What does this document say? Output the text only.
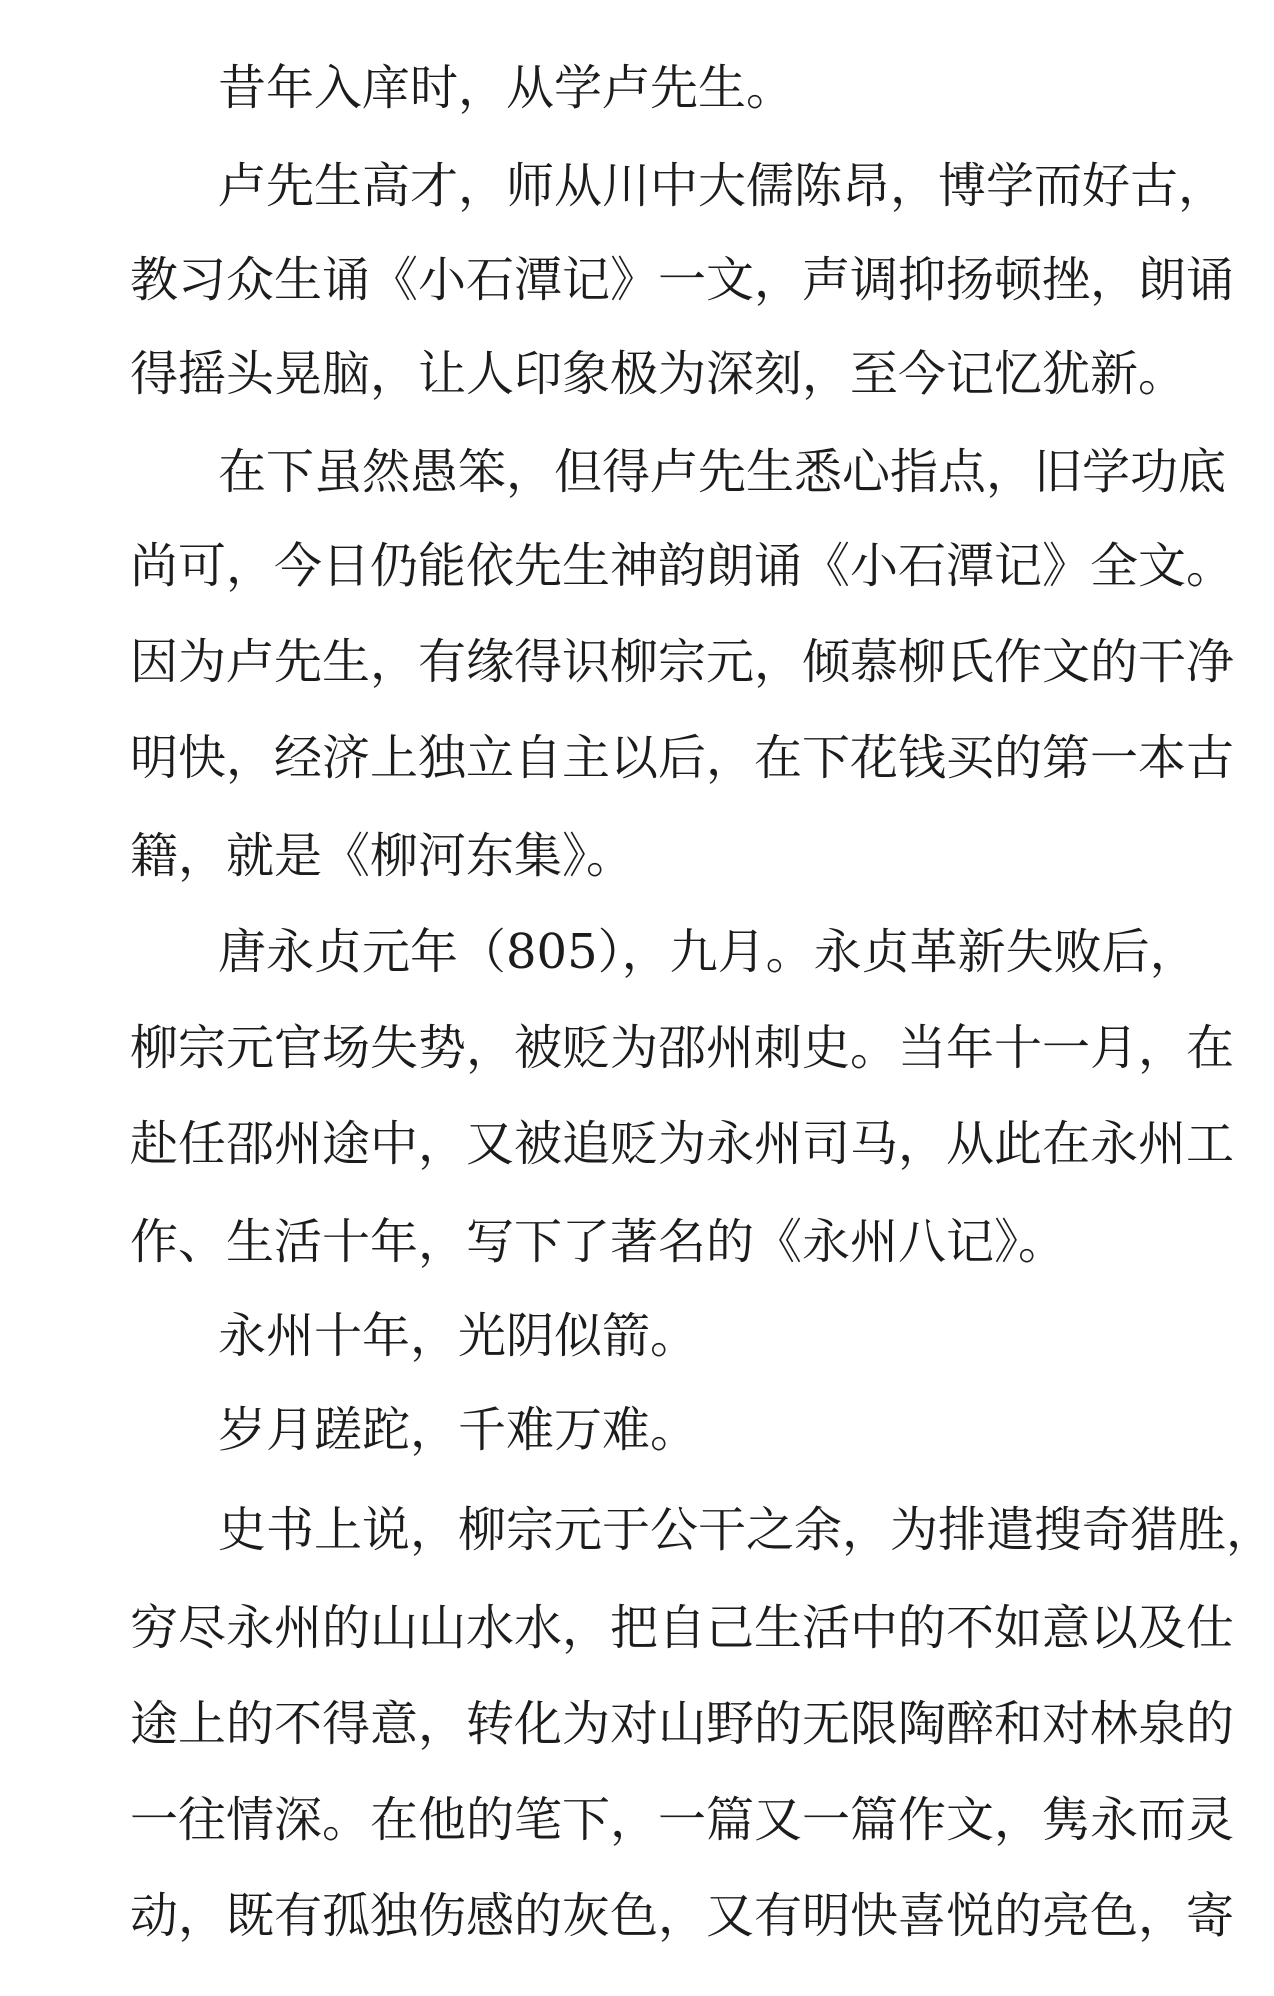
昔年入庠时，从学卢先生。
卢先生高才，师从川中大儒陈昂，博学而好古，
教习众生诵《小石潭记》一文，声调抑扬顿挫，朗诵
得摇头晃脑，让人印象极为深刻，至今记忆犹新。
在下虽然愚笨，但得卢先生悉心指点，旧学功底
尚可，今日仍能依先生神韵朗诵《小石潭记》全文。
因为卢先生，有缘得识柳宗元，倾慕柳氏作文的干净
明快，经济上独立自主以后，在下花钱买的第一本古
籍，就是《柳河东集》。
唐永贞元年（805），九月。永贞革新失败后，
柳宗元官场失势，被贬为邵州刺史。当年十一月，在
赴任邵州途中，又被追贬为永州司马，从此在永州工
作、生活十年，写下了著名的《永州八记》。
永州十年，光阴似箭。
岁月蹉跎，千难万难。
史书上说，柳宗元于公干之余，为排遣搜奇猎胜，
穷尽永州的山山水水，把自己生活中的不如意以及仕
途上的不得意，转化为对山野的无限陶醉和对林泉的
一往情深。在他的笔下，一篇又一篇作文，隽永而灵
动，既有孤独伤感的灰色，又有明快喜悦的亮色，寄
